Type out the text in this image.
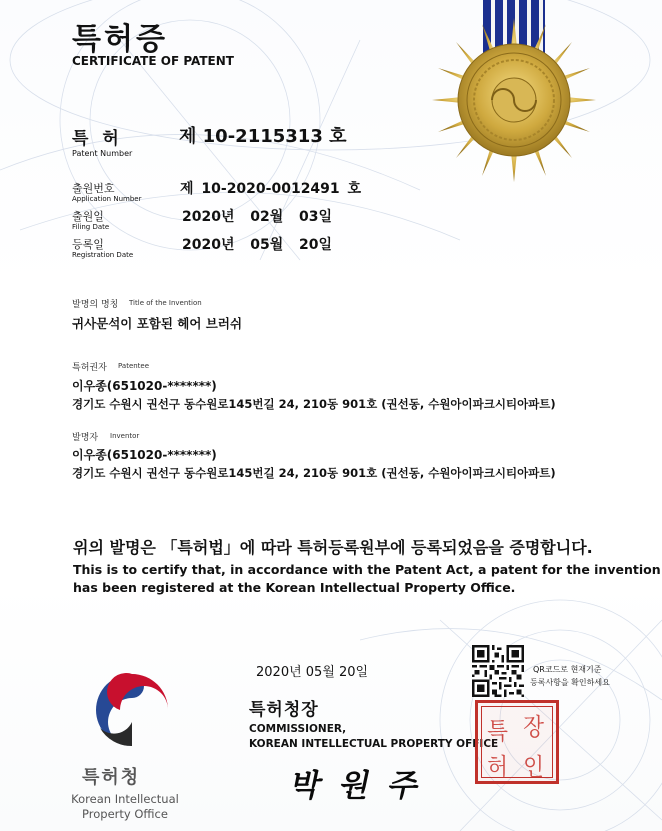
특허증
CERTIFICATE OF PATENT
특 허
Patent Number
제 10-2115313 호
출원번호
Application Number
제 10-2020-0012491 호
출원일
Filing Date
2020년  02월  03일
등록일
Registration Date
2020년  05월  20일
발명의 명칭 Title of the Invention
귀사문석이 포함된 헤어 브러쉬
특허권자 Patentee
이우종(651020-*******)
경기도 수원시 권선구 동수원로145번길 24, 210동 901호 (권선동, 수원아이파크시티아파트)
발명자 Inventor
이우종(651020-*******)
경기도 수원시 권선구 동수원로145번길 24, 210동 901호 (권선동, 수원아이파크시티아파트)
위의 발명은 「특허법」에 따라 특허등록원부에 등록되었음을 증명합니다.
This is to certify that, in accordance with the Patent Act, a patent for the invention
has been registered at the Korean Intellectual Property Office.
2020년 05월 20일	QR코드로 현재기준
등록사항을 확인하세요
특허청장
COMMISSIONER,
KOREAN INTELLECTUAL PROPERTY OFFICE
박 원 주
특 장
허 인
특허청
Korean Intellectual
Property Office
